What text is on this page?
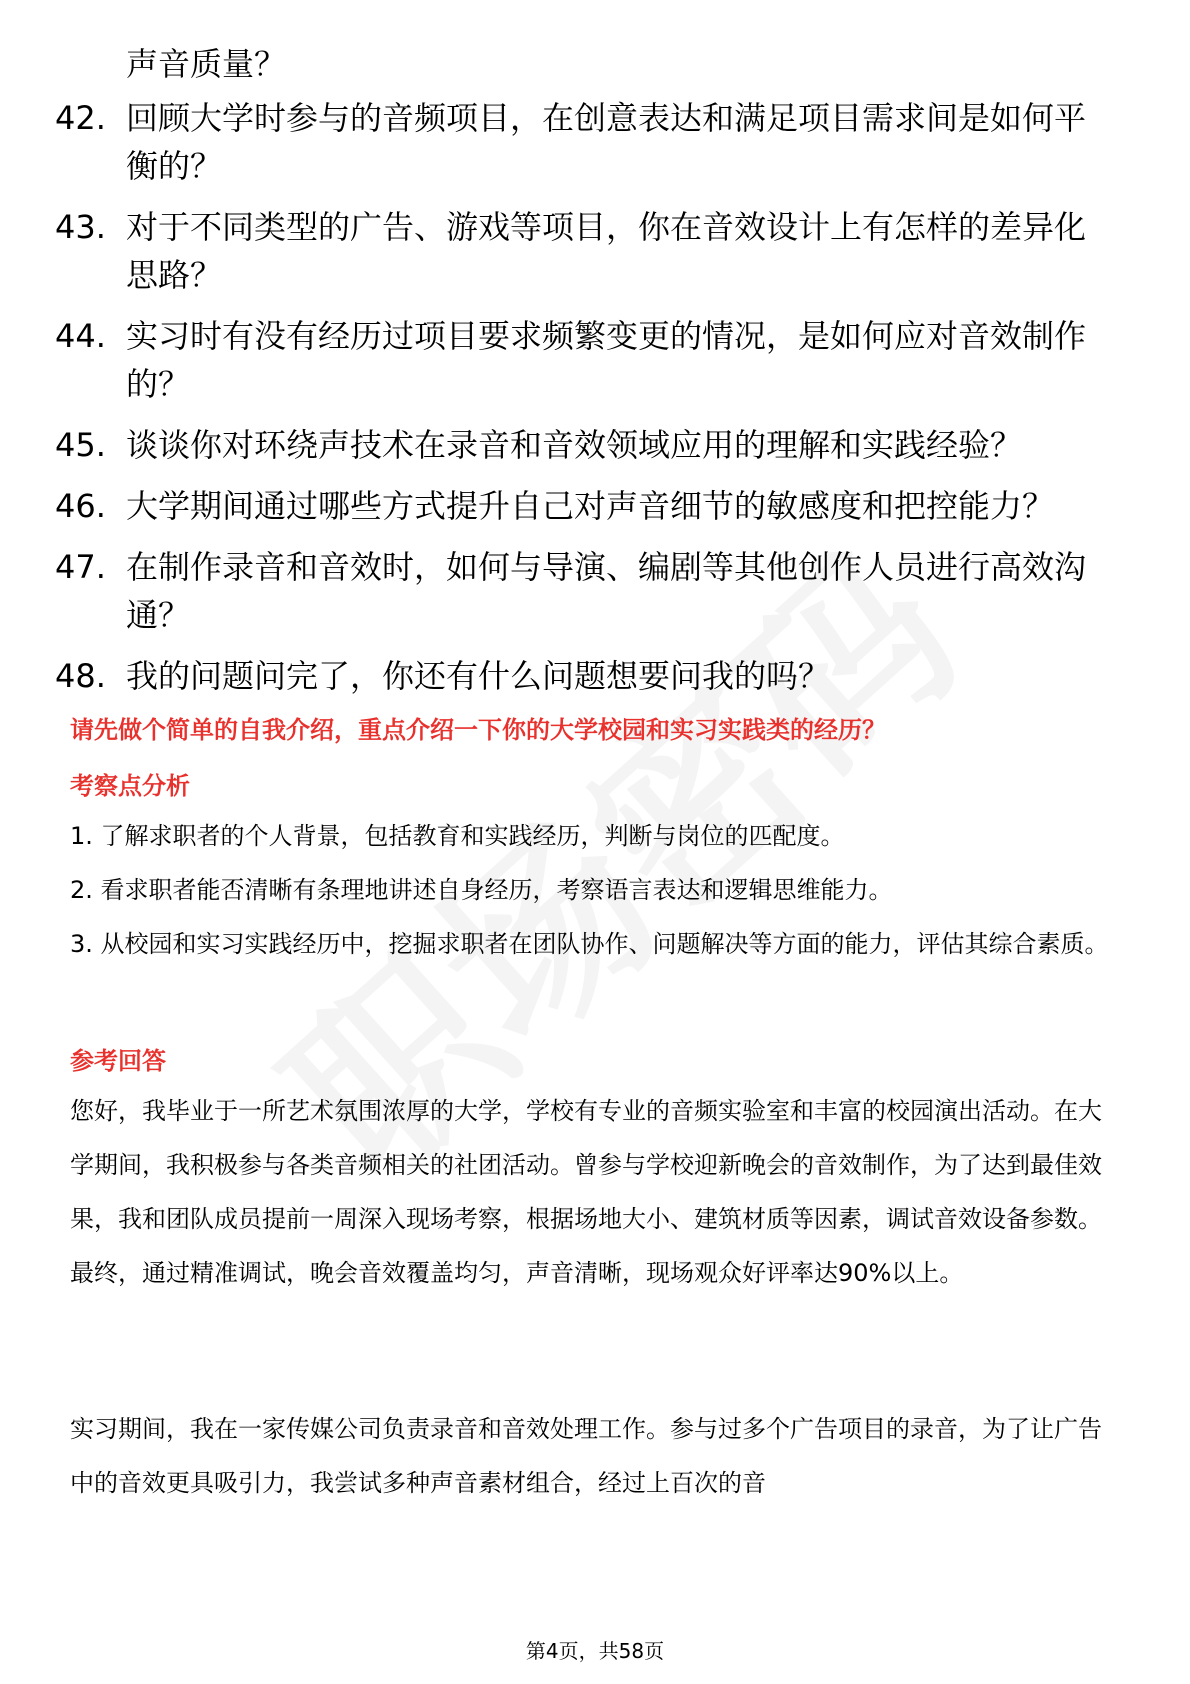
声音质量？
42. 回顾大学时参与的音频项目，在创意表达和满足项目需求间是如何平衡的？
43. 对于不同类型的广告、游戏等项目，你在音效设计上有怎样的差异化思路？
44. 实习时有没有经历过项目要求频繁变更的情况，是如何应对音效制作的？
45. 谈谈你对环绕声技术在录音和音效领域应用的理解和实践经验？
46. 大学期间通过哪些方式提升自己对声音细节的敏感度和把控能力？
47. 在制作录音和音效时，如何与导演、编剧等其他创作人员进行高效沟通？
48. 我的问题问完了，你还有什么问题想要问我的吗？
请先做个简单的自我介绍，重点介绍一下你的大学校园和实习实践类的经历？
考察点分析
1. 了解求职者的个人背景，包括教育和实践经历，判断与岗位的匹配度。
2. 看求职者能否清晰有条理地讲述自身经历，考察语言表达和逻辑思维能力。
3. 从校园和实习实践经历中，挖掘求职者在团队协作、问题解决等方面的能力，评估其综合素质。
参考回答
您好，我毕业于一所艺术氛围浓厚的大学，学校有专业的音频实验室和丰富的校园演出活动。在大学期间，我积极参与各类音频相关的社团活动。曾参与学校迎新晚会的音效制作，为了达到最佳效果，我和团队成员提前一周深入现场考察，根据场地大小、建筑材质等因素，调试音效设备参数。最终，通过精准调试，晚会音效覆盖均匀，声音清晰，现场观众好评率达90%以上。
实习期间，我在一家传媒公司负责录音和音效处理工作。参与过多个广告项目的录音，为了让广告中的音效更具吸引力，我尝试多种声音素材组合，经过上百次的音
第4页，共58页
